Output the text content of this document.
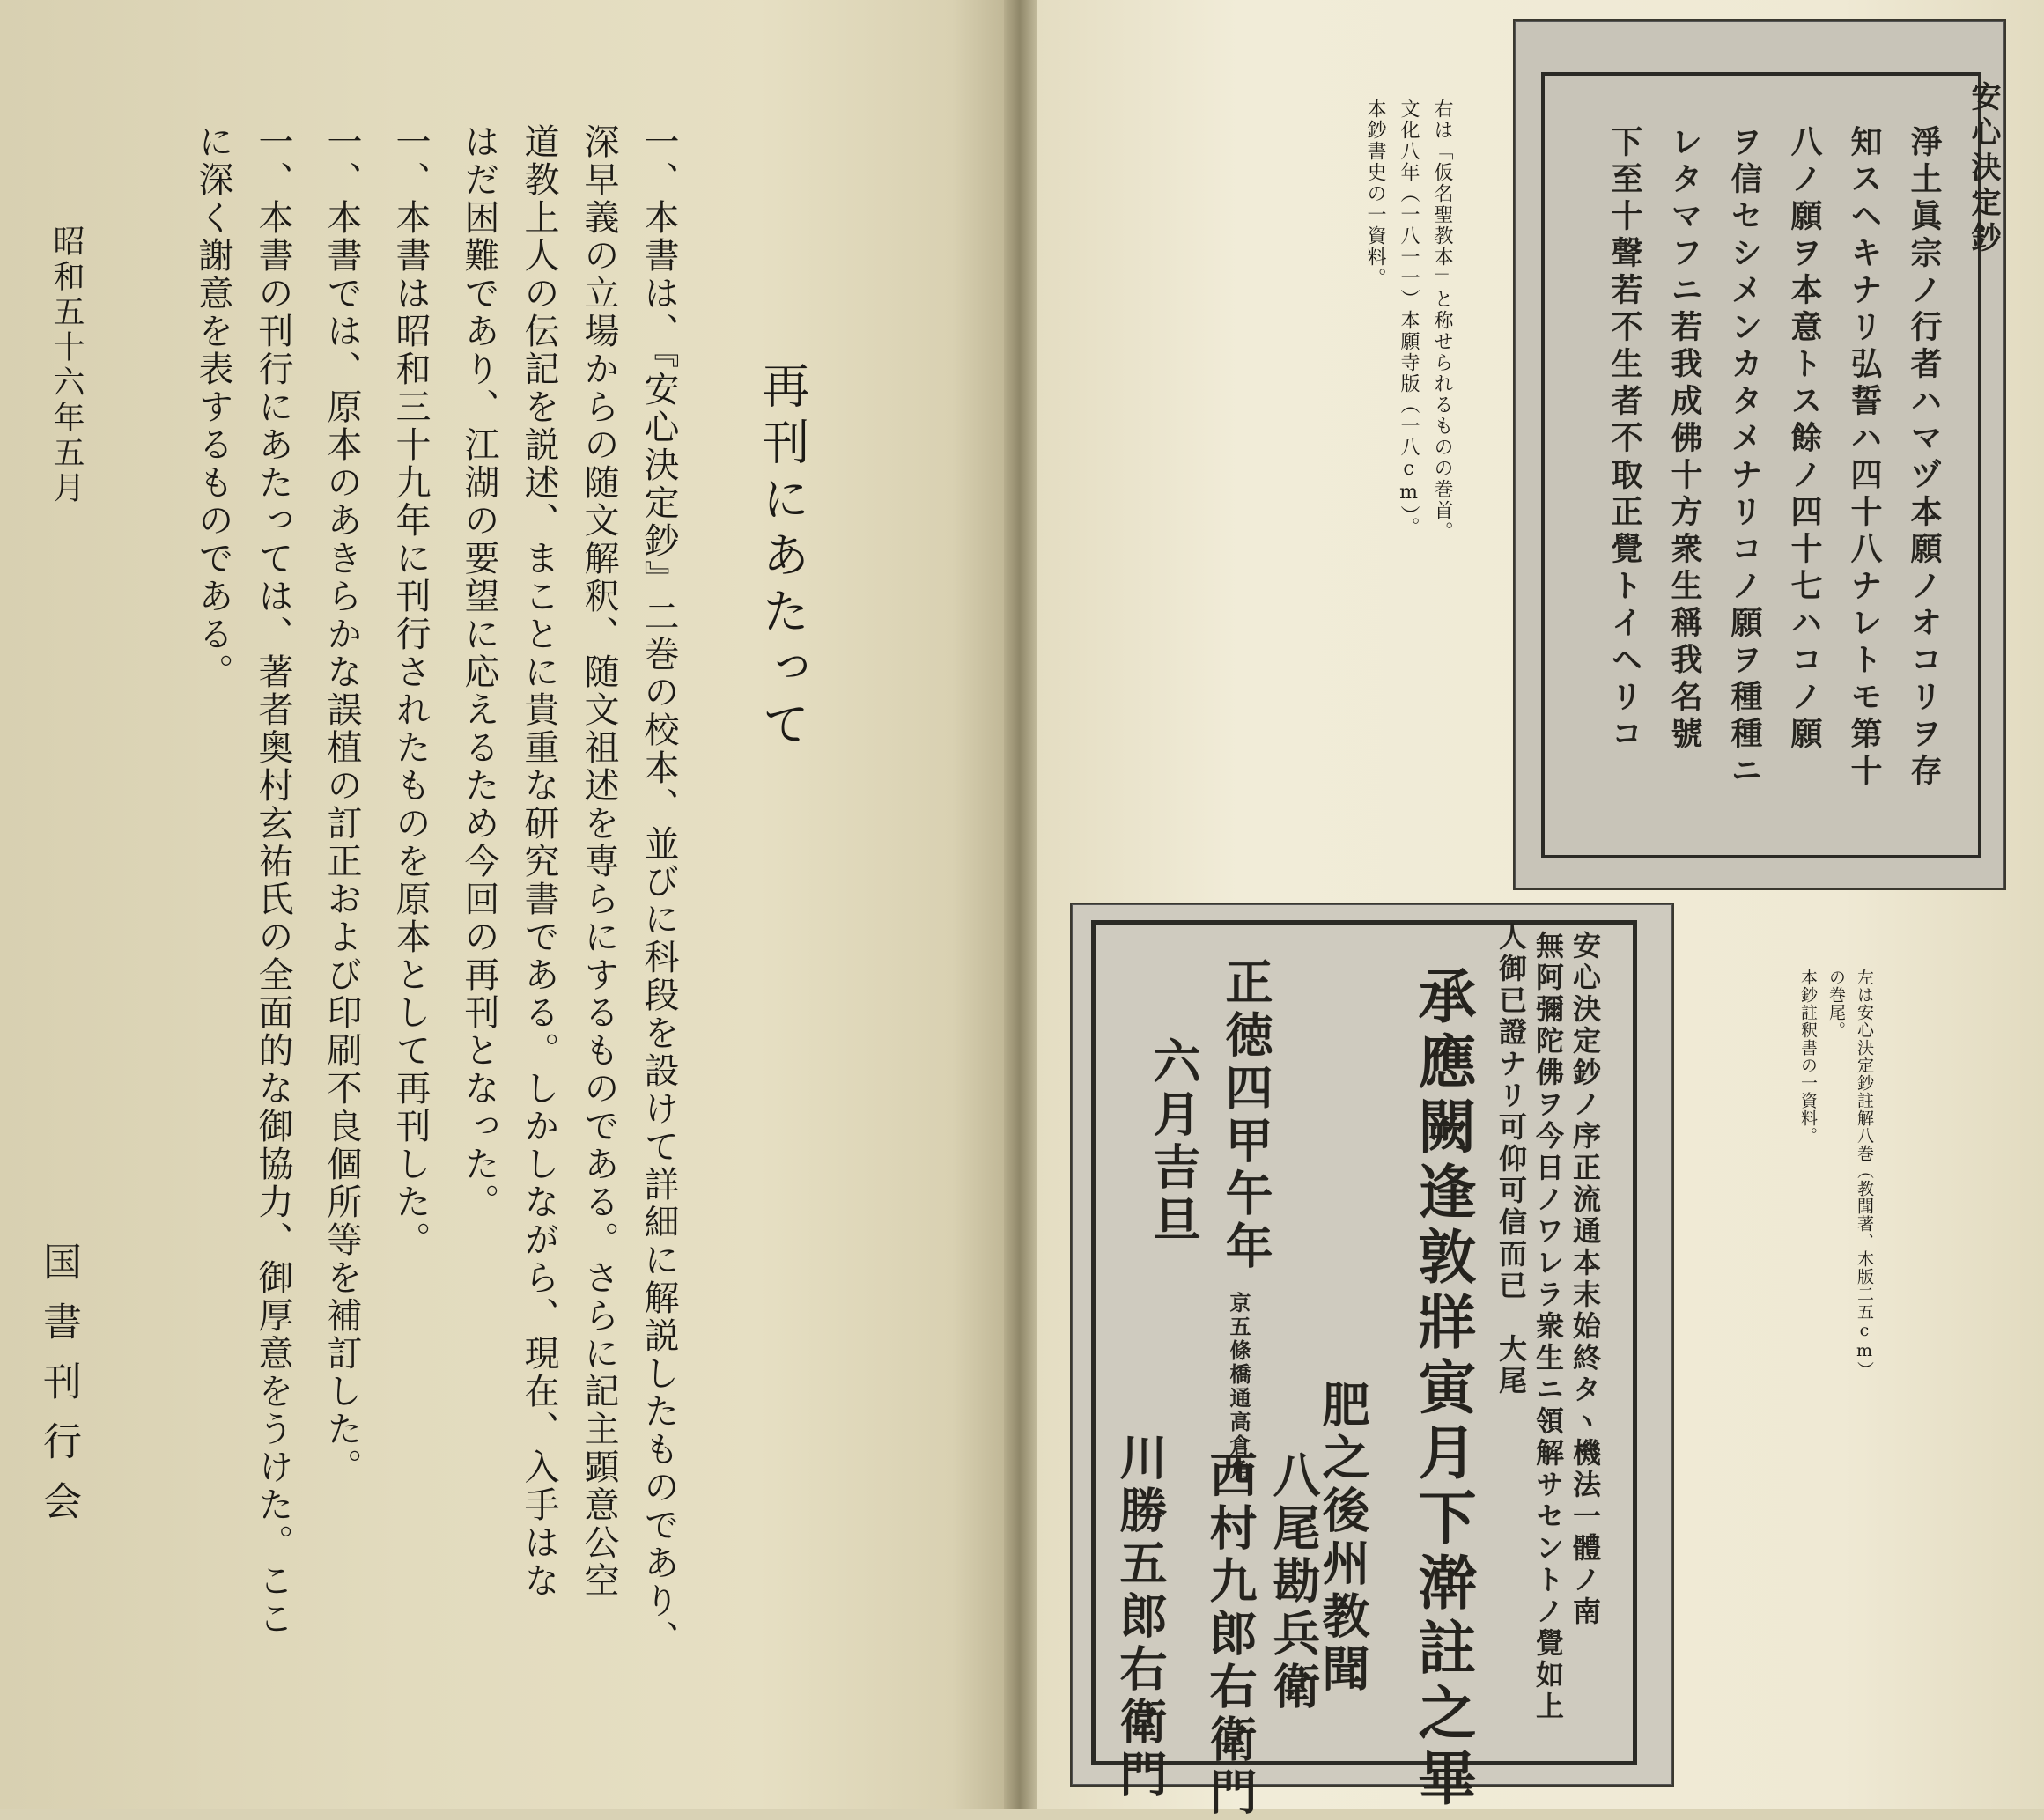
再刊にあたって
一、本書は、『安心決定鈔』二巻の校本、並びに科段を設けて詳細に解説したものであり、
深早義の立場からの随文解釈、随文祖述を専らにするものである。さらに記主顕意公空
道教上人の伝記を説述、まことに貴重な研究書である。しかしながら、現在、入手はな
はだ困難であり、江湖の要望に応えるため今回の再刊となった。
一、本書は昭和三十九年に刊行されたものを原本として再刊した。
一、本書では、原本のあきらかな誤植の訂正および印刷不良個所等を補訂した。
一、本書の刊行にあたっては、著者奥村玄祐氏の全面的な御協力、御厚意をうけた。ここ
に深く謝意を表するものである。
昭和五十六年五月
国書刊行会
右は「仮名聖教本」と称せられるものの巻首。
文化八年（一八一一）本願寺版（一八cm）。
本鈔書史の一資料。
左は安心決定鈔註解八巻（教聞著、木版二五cm）
の巻尾。
本鈔註釈書の一資料。
安心決定鈔
淨土眞宗ノ行者ハマヅ本願ノオコリヲ存
知スヘキナリ弘誓ハ四十八ナレトモ第十
八ノ願ヲ本意トス餘ノ四十七ハコノ願
ヲ信セシメンカタメナリコノ願ヲ種種ニ
レタマフニ若我成佛十方衆生稱我名號
下至十聲若不生者不取正覺トイヘリコ
安心決定鈔ノ序正流通本末始終タヽ機法一體ノ南
無阿彌陀佛ヲ今日ノワレラ衆生ニ領解サセントノ覺如上
人御已證ナリ可仰可信而已　大尾
承應闕逢敦牂寅月下澣註之畢
肥之後州教聞
正徳四甲午年
六月吉旦
京五條橋通高倉角
八尾勘兵衛
西村九郎右衛門
川勝五郎右衛門
